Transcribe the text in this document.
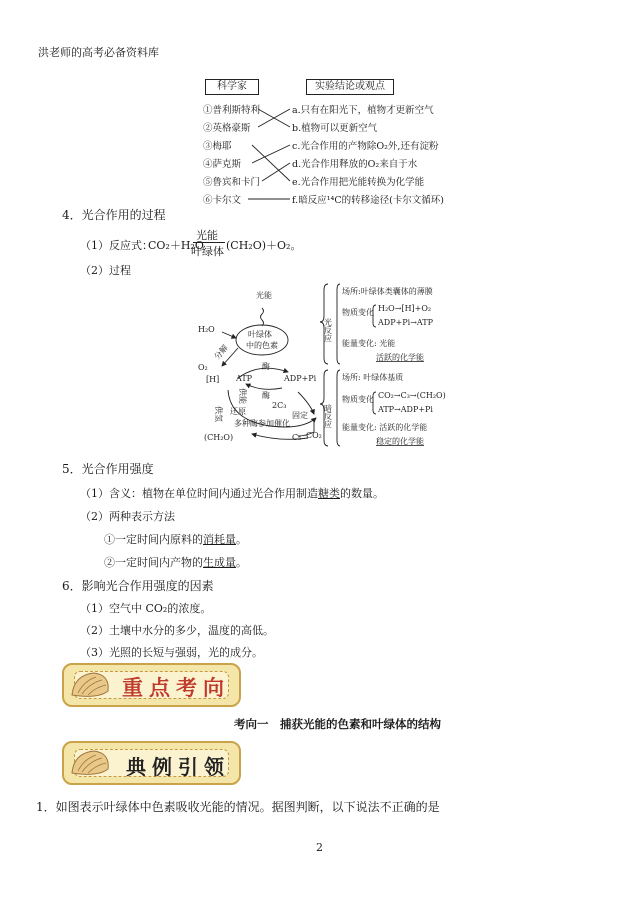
洪老师的高考必备资料库
科学家	实验结论或观点
①普利斯特利
②英格豪斯
③梅耶
④萨克斯
⑤鲁宾和卡门
⑥卡尔文
a.只有在阳光下，植物才更新空气
b.植物可以更新空气
c.光合作用的产物除O₂外,还有淀粉
d.光合作用释放的O₂来自于水
e.光合作用把光能转换为化学能
f.暗反应¹⁴C的转移途径(卡尔文循环)
4．光合作用的过程
（1）反应式：
CO₂＋H₂O
光能
叶绿体 (CH₂O)＋O₂。
（2）过程
光能
叶绿体
中的色素
H₂O
分解
O₂
[H] ATP	ADP+Pi
酶
酶
供氢
供能
还原
多种酶参加催化
2C₃
C₅
固定
CO₂
(CH₂O)
光反应
暗反应
场所:叶绿体类囊体的薄膜
物质变化 H₂O→[H]+O₂
ADP+Pi→ATP
能量变化: 光能
活跃的化学能
场所: 叶绿体基质
物质变化 CO₂→C₃→(CH₂O)
ATP→ADP+Pi
能量变化: 活跃的化学能
稳定的化学能
5．光合作用强度
（1）含义：植物在单位时间内通过光合作用制造糖类的数量。
（2）两种表示方法
①一定时间内原料的消耗量。
②一定时间内产物的生成量。
6．影响光合作用强度的因素
（1）空气中 CO₂的浓度。
（2）土壤中水分的多少，温度的高低。
（3）光照的长短与强弱，光的成分。
重点考向
考向一　捕获光能的色素和叶绿体的结构
典例引领
1．如图表示叶绿体中色素吸收光能的情况。据图判断，以下说法不正确的是
2
